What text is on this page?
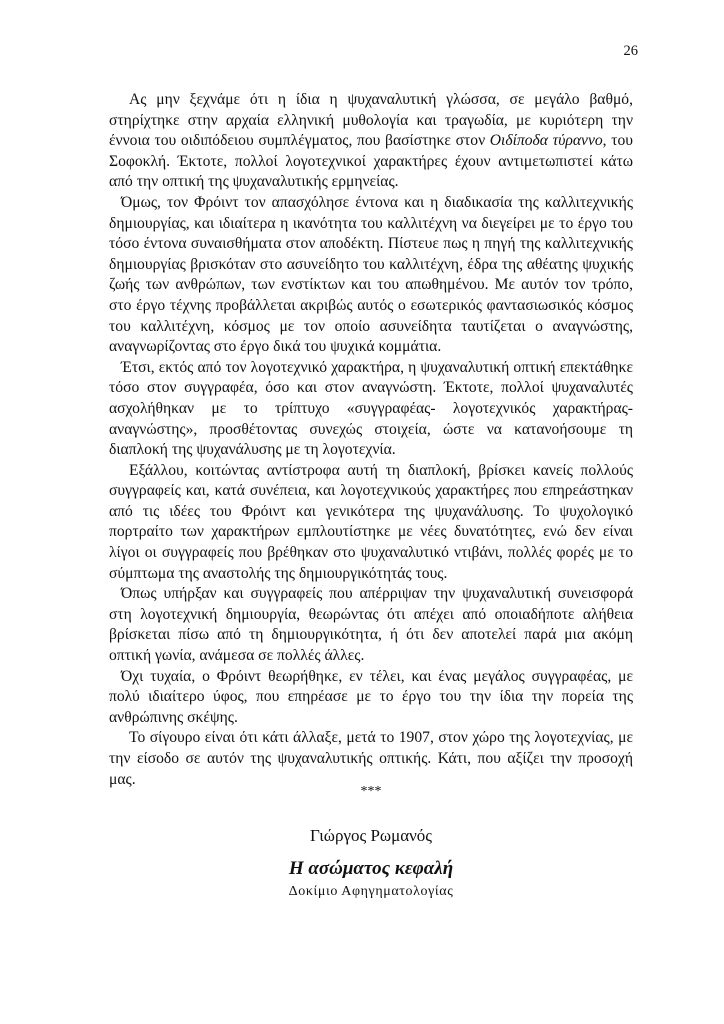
26

Ας μην ξεχνάμε ότι η ίδια η ψυχαναλυτική γλώσσα, σε μεγάλο βαθμό, στηρίχτηκε στην αρχαία ελληνική μυθολογία και τραγωδία, με κυριότερη την έννοια του οιδιπόδειου συμπλέγματος, που βασίστηκε στον Οιδίποδα τύραννο, του Σοφοκλή. Έκτοτε, πολλοί λογοτεχνικοί χαρακτήρες έχουν αντιμετωπιστεί κάτω από την οπτική της ψυχαναλυτικής ερμηνείας.

Όμως, τον Φρόιντ τον απασχόλησε έντονα και η διαδικασία της καλλιτεχνικής δημιουργίας, και ιδιαίτερα η ικανότητα του καλλιτέχνη να διεγείρει με το έργο του τόσο έντονα συναισθήματα στον αποδέκτη. Πίστευε πως η πηγή της καλλιτεχνικής δημιουργίας βρισκόταν στο ασυνείδητο του καλλιτέχνη, έδρα της αθέατης ψυχικής ζωής των ανθρώπων, των ενστίκτων και του απωθημένου. Με αυτόν τον τρόπο, στο έργο τέχνης προβάλλεται ακριβώς αυτός ο εσωτερικός φαντασιωσικός κόσμος του καλλιτέχνη, κόσμος με τον οποίο ασυνείδητα ταυτίζεται ο αναγνώστης, αναγνωρίζοντας στο έργο δικά του ψυχικά κομμάτια.

Έτσι, εκτός από τον λογοτεχνικό χαρακτήρα, η ψυχαναλυτική οπτική επεκτάθηκε τόσο στον συγγραφέα, όσο και στον αναγνώστη. Έκτοτε, πολλοί ψυχαναλυτές ασχολήθηκαν με το τρίπτυχο «συγγραφέας- λογοτεχνικός χαρακτήρας-αναγνώστης», προσθέτοντας συνεχώς στοιχεία, ώστε να κατανοήσουμε τη διαπλοκή της ψυχανάλυσης με τη λογοτεχνία.

Εξάλλου, κοιτώντας αντίστροφα αυτή τη διαπλοκή, βρίσκει κανείς πολλούς συγγραφείς και, κατά συνέπεια, και λογοτεχνικούς χαρακτήρες που επηρεάστηκαν από τις ιδέες του Φρόιντ και γενικότερα της ψυχανάλυσης. Το ψυχολογικό πορτραίτο των χαρακτήρων εμπλουτίστηκε με νέες δυνατότητες, ενώ δεν είναι λίγοι οι συγγραφείς που βρέθηκαν στο ψυχαναλυτικό ντιβάνι, πολλές φορές με το σύμπτωμα της αναστολής της δημιουργικότητάς τους.

Όπως υπήρξαν και συγγραφείς που απέρριψαν την ψυχαναλυτική συνεισφορά στη λογοτεχνική δημιουργία, θεωρώντας ότι απέχει από οποιαδήποτε αλήθεια βρίσκεται πίσω από τη δημιουργικότητα, ή ότι δεν αποτελεί παρά μια ακόμη οπτική γωνία, ανάμεσα σε πολλές άλλες.

Όχι τυχαία, ο Φρόιντ θεωρήθηκε, εν τέλει, και ένας μεγάλος συγγραφέας, με πολύ ιδιαίτερο ύφος, που επηρέασε με το έργο του την ίδια την πορεία της ανθρώπινης σκέψης.

Το σίγουρο είναι ότι κάτι άλλαξε, μετά το 1907, στον χώρο της λογοτεχνίας, με την είσοδο σε αυτόν της ψυχαναλυτικής οπτικής. Κάτι, που αξίζει την προσοχή μας.

***
Γιώργος Ρωμανός
Η ασώματος κεφαλή
Δοκίμιο Αφηγηματολογίας
